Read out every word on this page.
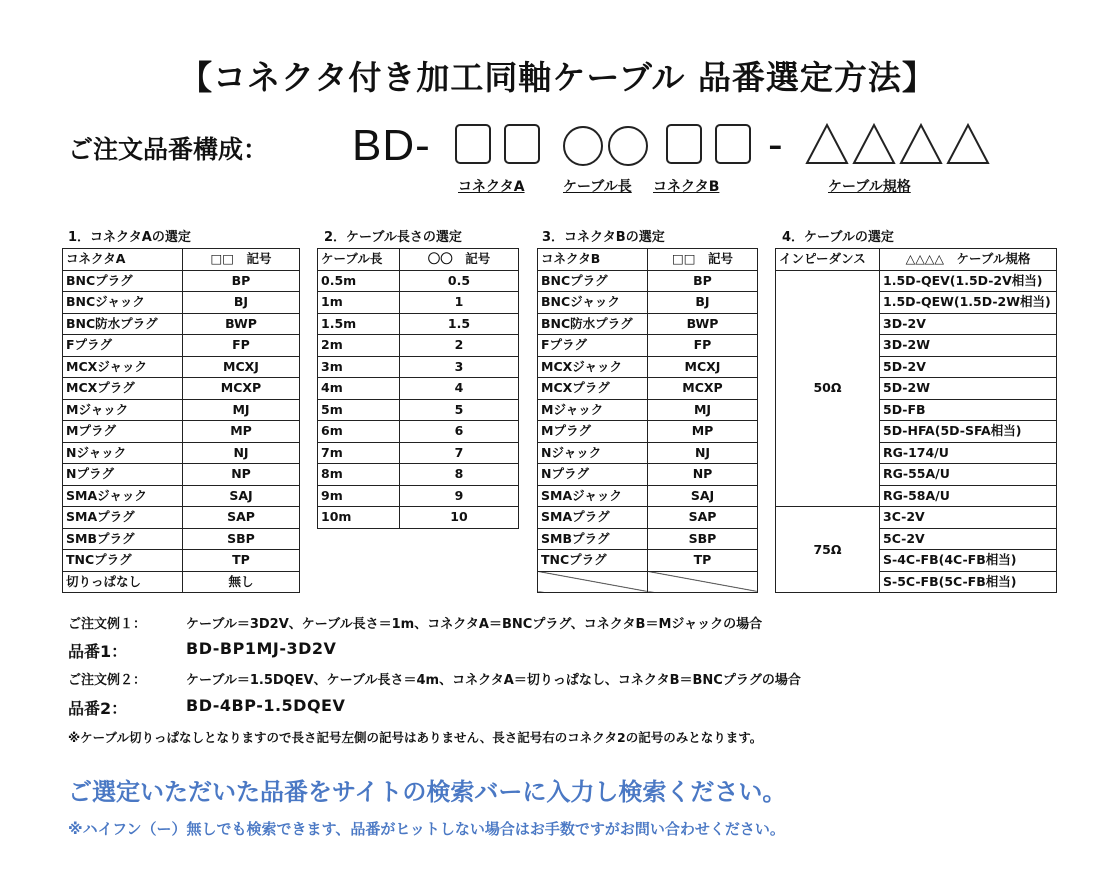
【コネクタ付き加工同軸ケーブル 品番選定方法】
ご注文品番構成： BD-	-
コネクタA	ケーブル長 コネクタB	ケーブル規格
1．コネクタAの選定	2．ケーブル長さの選定	3．コネクタBの選定	4．ケーブルの選定
コネクタA	□□　記号
BNCプラグ	BP
BNCジャック	BJ
BNC防水プラグ	BWP
Fプラグ	FP
MCXジャック	MCXJ
MCXプラグ	MCXP
Mジャック	MJ
Mプラグ	MP
Nジャック	NJ
Nプラグ	NP
SMAジャック	SAJ
SMAプラグ	SAP
SMBプラグ	SBP
TNCプラグ	TP
切りっぱなし	無し
ケーブル長	〇〇　記号
0.5m	0.5
1m	1
1.5m	1.5
2m	2
3m	3
4m	4
5m	5
6m	6
7m	7
8m	8
9m	9
10m	10
コネクタB	□□　記号
BNCプラグ	BP
BNCジャック	BJ
BNC防水プラグ	BWP
Fプラグ	FP
MCXジャック	MCXJ
MCXプラグ	MCXP
Mジャック	MJ
Mプラグ	MP
Nジャック	NJ
Nプラグ	NP
SMAジャック	SAJ
SMAプラグ	SAP
SMBプラグ	SBP
TNCプラグ	TP

インピーダンス	△△△△　ケーブル規格
50Ω	1.5D-QEV(1.5D-2V相当)
	1.5D-QEW(1.5D-2W相当)
	3D-2V
	3D-2W
	5D-2V
	5D-2W
	5D-FB
	5D-HFA(5D-SFA相当)
	RG-174/U
	RG-55A/U
	RG-58A/U
75Ω	3C-2V
	5C-2V
	S-4C-FB(4C-FB相当)
	S-5C-FB(5C-FB相当)
ご注文例１：	ケーブル＝3D2V、ケーブル長さ＝1m、コネクタA＝BNCプラグ、コネクタB＝Mジャックの場合
品番1：	BD-BP1MJ-3D2V
ご注文例２：	ケーブル＝1.5DQEV、ケーブル長さ＝4m、コネクタA＝切りっぱなし、コネクタB＝BNCプラグの場合
品番2：	BD-4BP-1.5DQEV
※ケーブル切りっぱなしとなりますので長さ記号左側の記号はありません、長さ記号右のコネクタ2の記号のみとなります。
ご選定いただいた品番をサイトの検索バーに入力し検索ください。
※ハイフン（ー）無しでも検索できます、品番がヒットしない場合はお手数ですがお問い合わせください。
